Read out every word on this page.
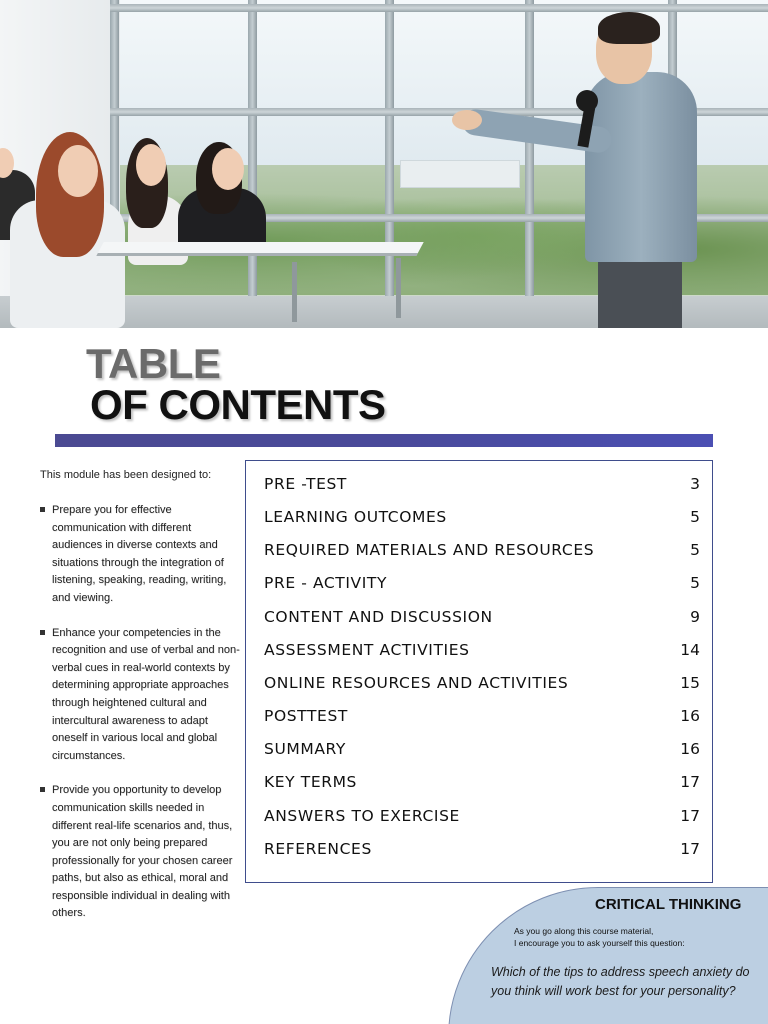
TABLE
OF CONTENTS
This module has been designed to:
Prepare you for effective communication with different audiences in diverse contexts and situations through the integration of listening, speaking, reading, writing, and viewing.
Enhance your competencies in the recognition and use of verbal and non-verbal cues in real-world contexts by determining appropriate approaches through heightened cultural and intercultural awareness to adapt oneself in various local and global circumstances.
Provide you opportunity to develop communication skills needed in different real-life scenarios and, thus, you are not only being prepared professionally for your chosen career paths, but also as ethical, moral and responsible individual in dealing with others.
PRE -TEST	3
LEARNING OUTCOMES	5
REQUIRED MATERIALS AND RESOURCES	5
PRE - ACTIVITY	5
CONTENT AND DISCUSSION	9
ASSESSMENT ACTIVITIES	14
ONLINE RESOURCES AND ACTIVITIES	15
POSTTEST	16
SUMMARY	16
KEY TERMS	17
ANSWERS TO EXERCISE	17
REFERENCES	17
CRITICAL THINKING
As you go along this course material,
I encourage you to ask yourself this question:
Which of the tips to address speech anxiety do you think will work best for your personality?
